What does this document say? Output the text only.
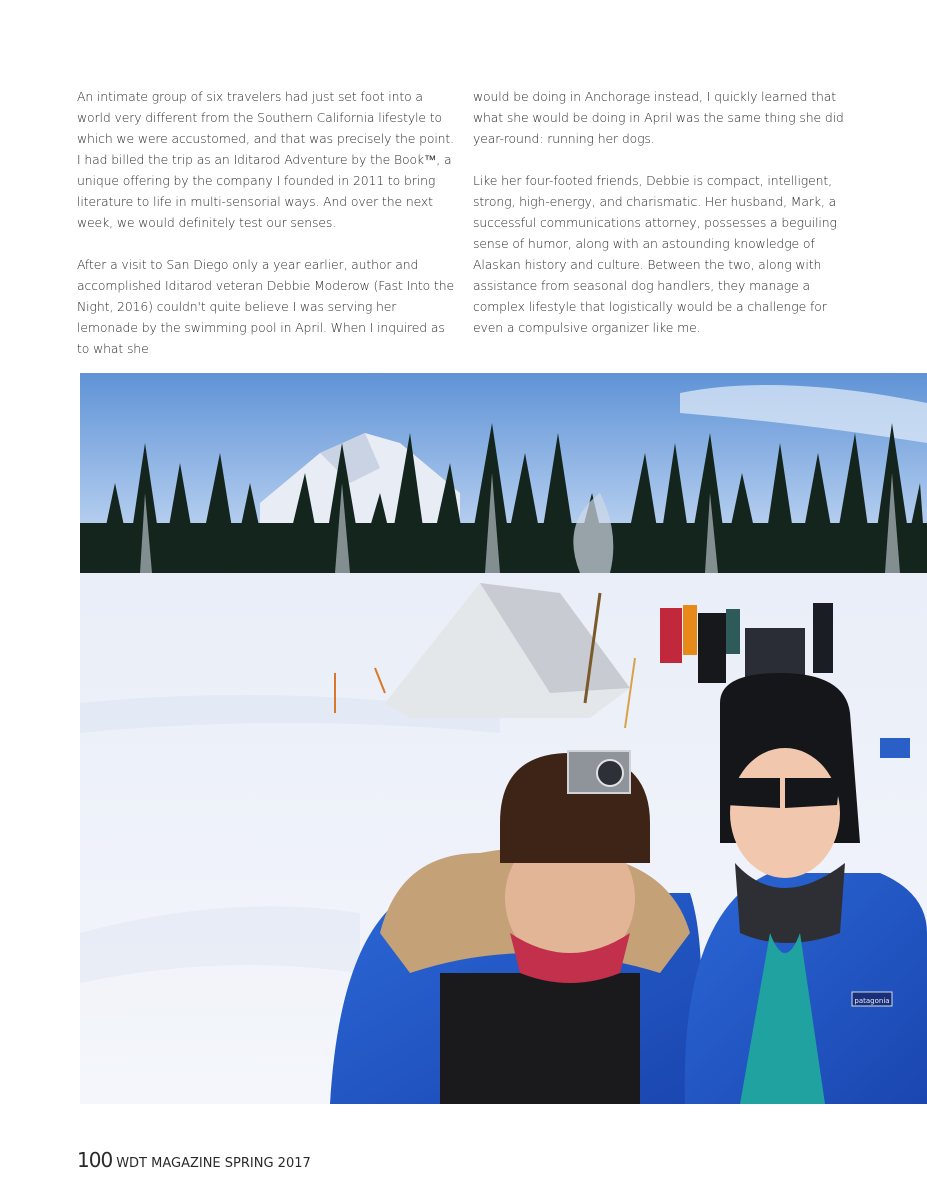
An intimate group of six travelers had just set foot into a world very different from the Southern California lifestyle to which we were accustomed, and that was precisely the point. I had billed the trip as an Iditarod Adventure by the Book™, a unique offering by the company I founded in 2011 to bring literature to life in multi-sensorial ways. And over the next week, we would definitely test our senses.

After a visit to San Diego only a year earlier, author and accomplished Iditarod veteran Debbie Moderow (Fast Into the Night, 2016) couldn't quite believe I was serving her lemonade by the swimming pool in April. When I inquired as to what she

would be doing in Anchorage instead, I quickly learned that what she would be doing in April was the same thing she did year-round: running her dogs.

Like her four-footed friends, Debbie is compact, intelligent, strong, high-energy, and charismatic. Her husband, Mark, a successful communications attorney, possesses a beguiling sense of humor, along with an astounding knowledge of Alaskan history and culture. Between the two, along with assistance from seasonal dog handlers, they manage a complex lifestyle that logistically would be a challenge for even a compulsive organizer like me.

patagonia
100 WDT MAGAZINE SPRING 2017
